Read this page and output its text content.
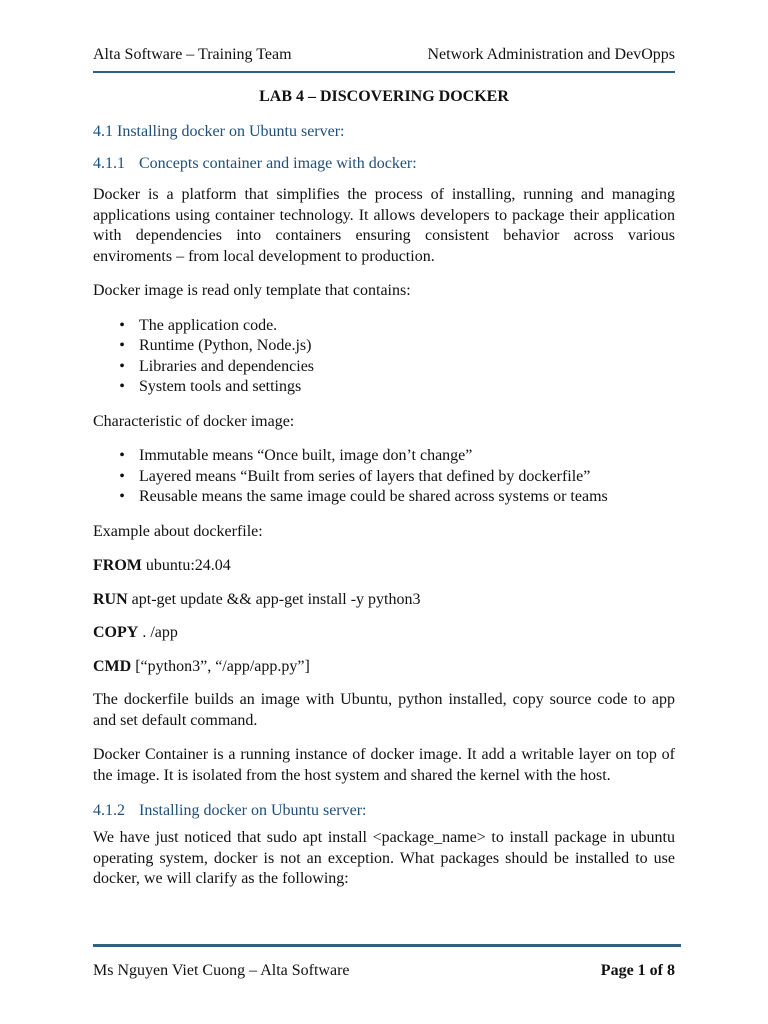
Alta Software – Training Team	Network Administration and DevOpps
LAB 4 – DISCOVERING DOCKER
4.1 Installing docker on Ubuntu server:
4.1.1 Concepts container and image with docker:

Docker is a platform that simplifies the process of installing, running and managing applications using container technology. It allows developers to package their application with dependencies into containers ensuring consistent behavior across various enviroments – from local development to production.

Docker image is read only template that contains:

• The application code.
• Runtime (Python, Node.js)
• Libraries and dependencies
• System tools and settings

Characteristic of docker image:

• Immutable means “Once built, image don’t change”
• Layered means “Built from series of layers that defined by dockerfile”
• Reusable means the same image could be shared across systems or teams

Example about dockerfile:

FROM ubuntu:24.04

RUN apt-get update && app-get install -y python3

COPY . /app

CMD [“python3”, “/app/app.py”]

The dockerfile builds an image with Ubuntu, python installed, copy source code to app and set default command.

Docker Container is a running instance of docker image. It add a writable layer on top of the image. It is isolated from the host system and shared the kernel with the host.

4.1.2 Installing docker on Ubuntu server:

We have just noticed that sudo apt install <package_name> to install package in ubuntu operating system, docker is not an exception. What packages should be installed to use docker, we will clarify as the following:

Ms Nguyen Viet Cuong – Alta Software	Page 1 of 8
